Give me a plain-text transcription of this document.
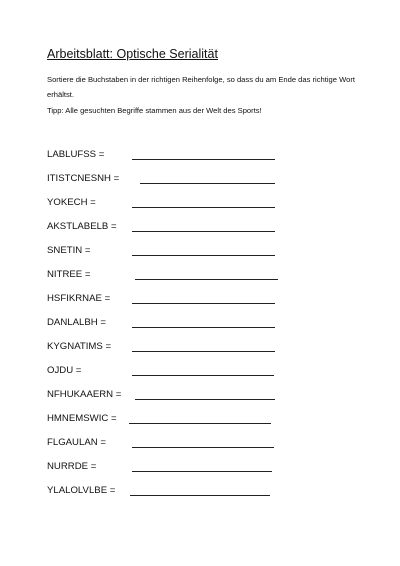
Arbeitsblatt: Optische Serialität
Sortiere die Buchstaben in der richtigen Reihenfolge, so dass du am Ende das richtige Wort erhältst.
Tipp: Alle gesuchten Begriffe stammen aus der Welt des Sports!
LABLUFSS =
ITISTCNESNH =
YOKECH =
AKSTLABELB =
SNETIN =
NITREE =
HSFIKRNAE =
DANLALBH =
KYGNATIMS =
OJDU =
NFHUKAAERN =
HMNEMSWIC =
FLGAULAN =
NURRDE =
YLALOLVLBE =
